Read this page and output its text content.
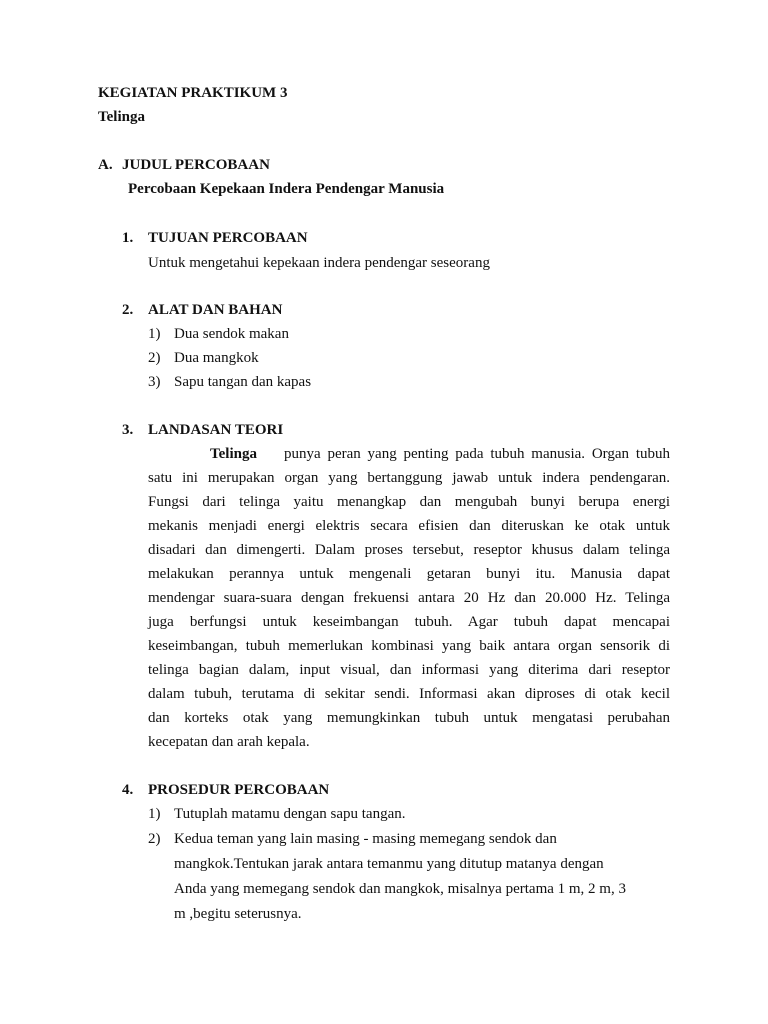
KEGIATAN PRAKTIKUM 3
Telinga
A. JUDUL PERCOBAAN
Percobaan Kepekaan Indera Pendengar Manusia
1. TUJUAN PERCOBAAN
Untuk mengetahui kepekaan indera pendengar seseorang
2. ALAT DAN BAHAN
1) Dua sendok makan
2) Dua mangkok
3) Sapu tangan dan kapas
3. LANDASAN TEORI
punya peran yang penting pada tubuh manusia. Organ tubuh
satu ini merupakan organ yang bertanggung jawab untuk indera pendengaran.
Fungsi dari telinga yaitu menangkap dan mengubah bunyi berupa energi
mekanis menjadi energi elektris secara efisien dan diteruskan ke otak untuk
disadari dan dimengerti. Dalam proses tersebut, reseptor khusus dalam telinga
melakukan perannya untuk mengenali getaran bunyi itu. Manusia dapat
mendengar suara-suara dengan frekuensi antara 20 Hz dan 20.000 Hz. Telinga
juga berfungsi untuk keseimbangan tubuh. Agar tubuh dapat mencapai
keseimbangan, tubuh memerlukan kombinasi yang baik antara organ sensorik di
telinga bagian dalam, input visual, dan informasi yang diterima dari reseptor
dalam tubuh, terutama di sekitar sendi. Informasi akan diproses di otak kecil
dan korteks otak yang memungkinkan tubuh untuk mengatasi perubahan
kecepatan dan arah kepala.
4. PROSEDUR PERCOBAAN
1) Tutuplah matamu dengan sapu tangan.
2) Kedua teman yang lain masing - masing memegang sendok dan
mangkok.Tentukan jarak antara temanmu yang ditutup matanya dengan
Anda yang memegang sendok dan mangkok, misalnya pertama 1 m, 2 m, 3
m ,begitu seterusnya.
Telinga
